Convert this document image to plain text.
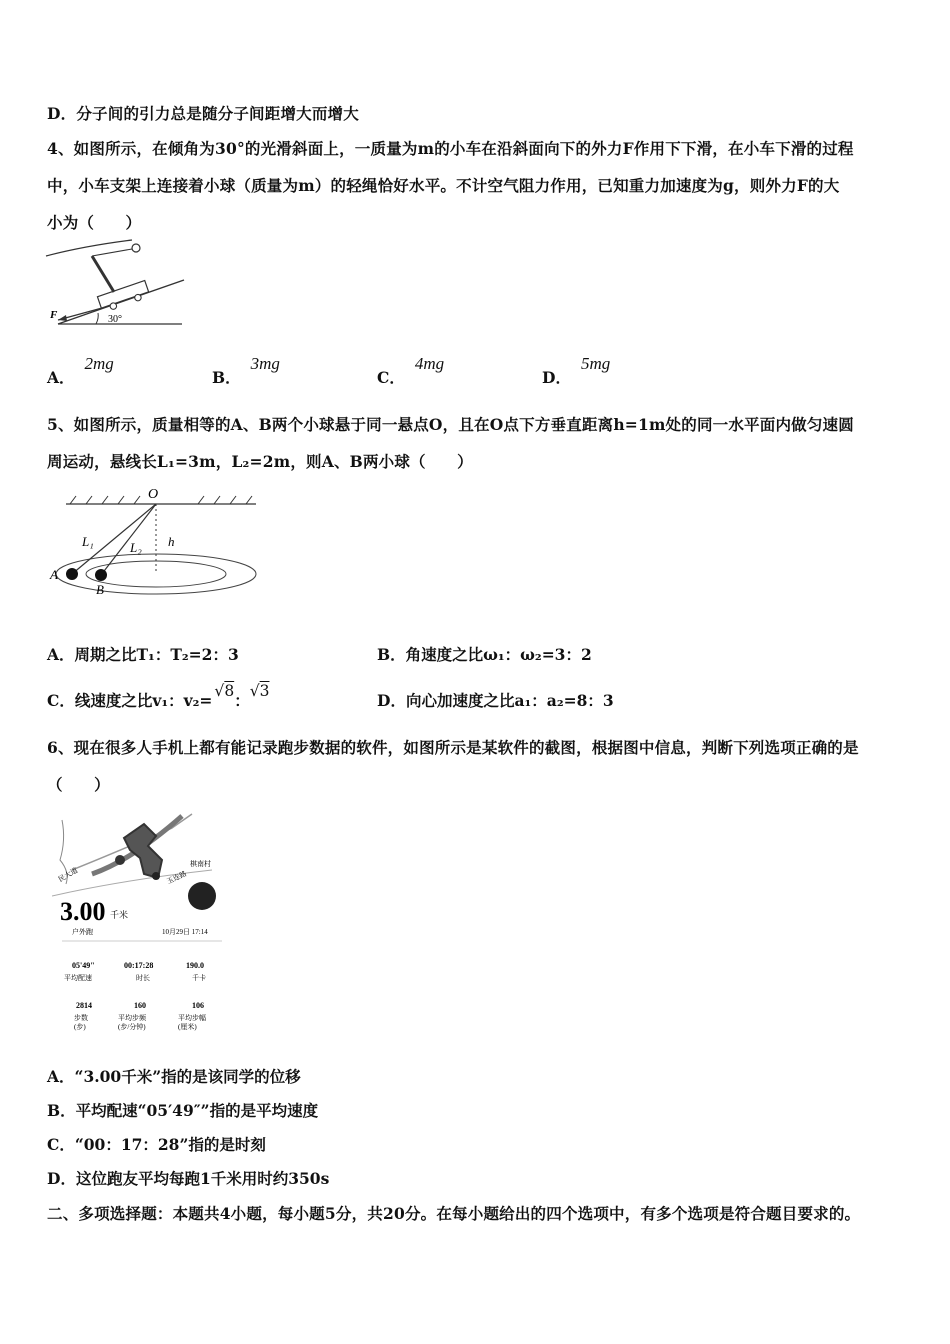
D．分子间的引力总是随分子间距增大而增大
4、如图所示，在倾角为30°的光滑斜面上，一质量为m的小车在沿斜面向下的外力F作用下下滑，在小车下滑的过程
中，小车支架上连接着小球（质量为m）的轻绳恰好水平。不计空气阻力作用，已知重力加速度为g，则外力F的大
小为（　　）
F	30°
A．2mg
B．3mg
C．4mg
D．5mg
5、如图所示，质量相等的A、B两个小球悬于同一悬点O，且在O点下方垂直距离h=1m处的同一水平面内做匀速圆
周运动，悬线长L₁=3m，L₂=2m，则A、B两小球（　　）
O
L₁	L₂ h
A
B
A．周期之比T₁：T₂=2：3	B．角速度之比ω₁：ω₂=3：2
C．线速度之比v₁：v₂= √8：√3	D．向心加速度之比a₁：a₂=8：3
6、现在很多人手机上都有能记录跑步数据的软件，如图所示是某软件的截图，根据图中信息，判断下列选项正确的是
（　　）
民大道	玉连路
棋南村
3.00 千米
户外跑	10月29日 17:14
05'49"
平均配速
00:17:28
时长
190.0
千卡
2814
步数(步)
160
平均步频(步/分钟)
106
平均步幅(厘米)
A．“3.00千米”指的是该同学的位移
B．平均配速“05′49″”指的是平均速度
C．“00：17：28”指的是时刻
D．这位跑友平均每跑1千米用时约350s
二、多项选择题：本题共4小题，每小题5分，共20分。在每小题给出的四个选项中，有多个选项是符合题目要求的。
